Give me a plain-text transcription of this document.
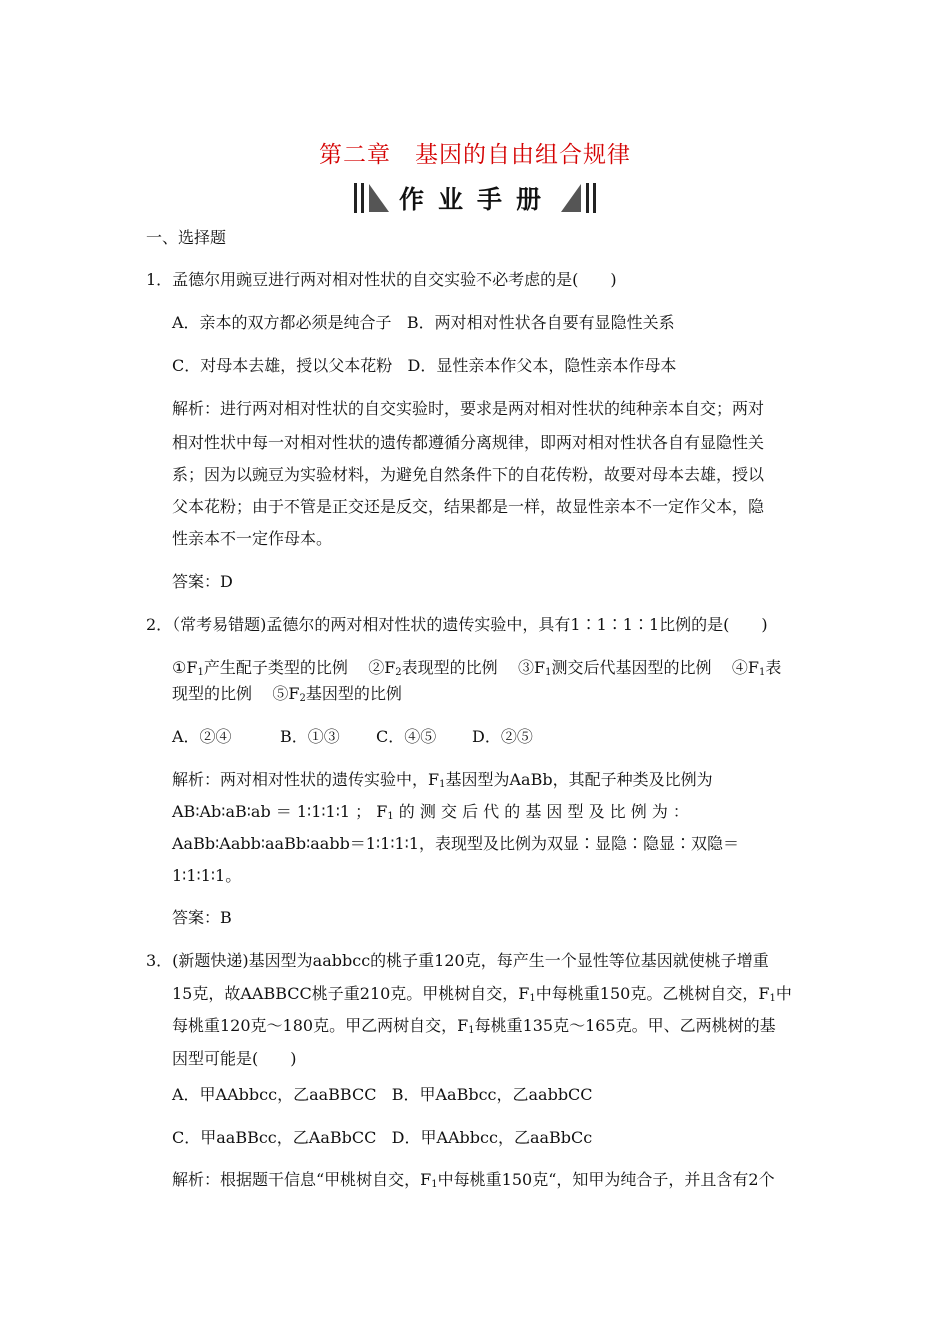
第二章　基因的自由组合规律
作业手册
一、选择题
1．孟德尔用豌豆进行两对相对性状的自交实验不必考虑的是(　　)
A．亲本的双方都必须是纯合子 B．两对相对性状各自要有显隐性关系
C．对母本去雄，授以父本花粉 D．显性亲本作父本，隐性亲本作母本
解析：进行两对相对性状的自交实验时，要求是两对相对性状的纯种亲本自交；两对
相对性状中每一对相对性状的遗传都遵循分离规律，即两对相对性状各自有显隐性关
系；因为以豌豆为实验材料，为避免自然条件下的自花传粉，故要对母本去雄，授以
父本花粉；由于不管是正交还是反交，结果都是一样，故显性亲本不一定作父本，隐
性亲本不一定作母本。
答案：D
2．（常考易错题)孟德尔的两对相对性状的遗传实验中，具有1∶1∶1∶1比例的是(　　)
$①F_1$产生配子类型的比例 $②F_2$表现型的比例 $③F_1$测交后代基因型的比例 $④F_1$表
现型的比例 $⑤F_2$基因型的比例
A．②④	B．①③ C．④⑤ D．②⑤
解析：两对相对性状的遗传实验中，$F_1$基因型为AaBb，其配子种类及比例为
AB∶Ab∶aB∶ab ＝ 1∶1∶1∶1 ； $F_1$ 的 测 交 后 代 的 基 因 型 及 比 例 为 ：
AaBb∶Aabb∶aaBb∶aabb＝1∶1∶1∶1，表现型及比例为双显∶显隐∶隐显∶双隐＝
1∶1∶1∶1。
答案：B
3．(新题快递)基因型为aabbcc的桃子重120克，每产生一个显性等位基因就使桃子增重
15克，故AABBCC桃子重210克。甲桃树自交，$F_1$中每桃重150克。乙桃树自交，$F_1$中
每桃重120克～180克。甲乙两树自交，$F_1$每桃重135克～165克。甲、乙两桃树的基
因型可能是(　　)
A．甲AAbbcc，乙aaBBCC B．甲AaBbcc，乙aabbCC
C．甲aaBBcc，乙AaBbCC D．甲AAbbcc，乙aaBbCc
解析：根据题干信息“甲桃树自交，$F_1$中每桃重150克“，知甲为纯合子，并且含有2个
